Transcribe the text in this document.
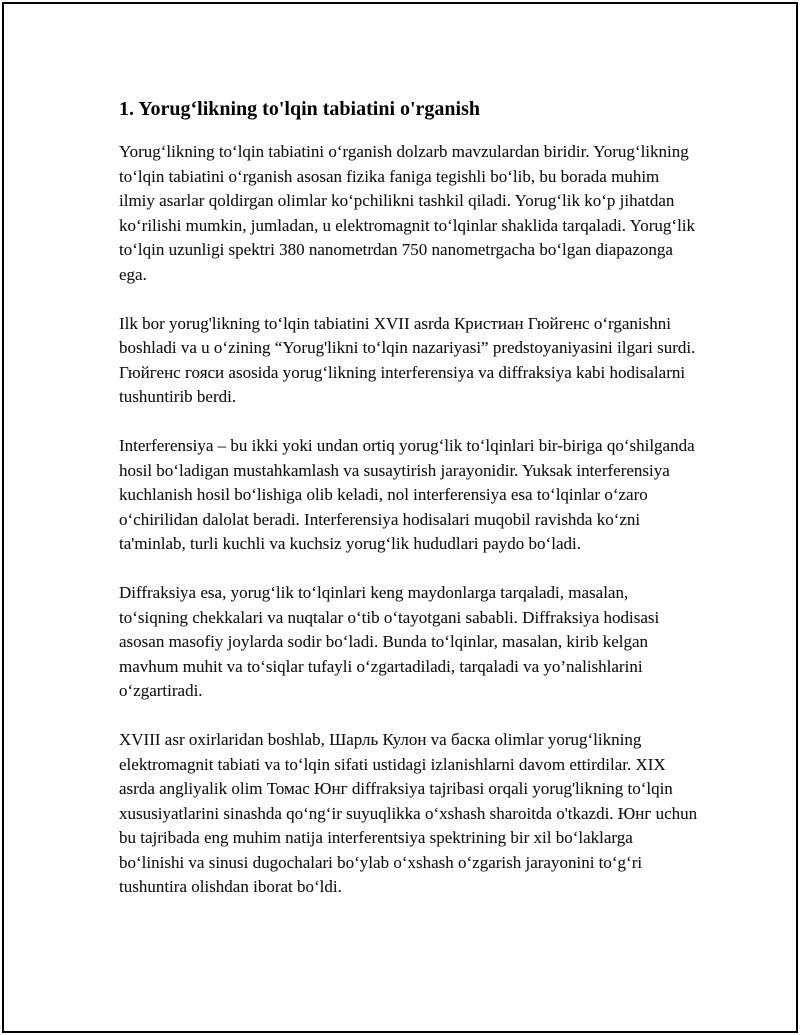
1. Yorug‘likning to'lqin tabiatini o'rganish

Yorug‘likning to‘lqin tabiatini o‘rganish dolzarb mavzulardan biridir. Yorug‘likning to‘lqin tabiatini o‘rganish asosan fizika faniga tegishli bo‘lib, bu borada muhim ilmiy asarlar qoldirgan olimlar ko‘pchilikni tashkil qiladi. Yorug‘lik ko‘p jihatdan ko‘rilishi mumkin, jumladan, u elektromagnit to‘lqinlar shaklida tarqaladi. Yorug‘lik to‘lqin uzunligi spektri 380 nanometrdan 750 nanometrgacha bo‘lgan diapazonga ega.

Ilk bor yorug'likning to‘lqin tabiatini XVII asrda Кристиан Гюйгенс o‘rganishni boshladi va u o‘zining “Yorug'likni to‘lqin nazariyasi” predstoyaniyasini ilgari surdi. Гюйгенс гояси asosida yorug‘likning interferensiya va diffraksiya kabi hodisalarni tushuntirib berdi.

Interferensiya – bu ikki yoki undan ortiq yorug‘lik to‘lqinlari bir-biriga qo‘shilganda hosil bo‘ladigan mustahkamlash va susaytirish jarayonidir. Yuksak interferensiya kuchlanish hosil bo‘lishiga olib keladi, nol interferensiya esa to‘lqinlar o‘zaro o‘chirilidan dalolat beradi. Interferensiya hodisalari muqobil ravishda ko‘zni ta'minlab, turli kuchli va kuchsiz yorug‘lik hududlari paydo bo‘ladi.

Diffraksiya esa, yorug‘lik to‘lqinlari keng maydonlarga tarqaladi, masalan, to‘siqning chekkalari va nuqtalar o‘tib o‘tayotgani sababli. Diffraksiya hodisasi asosan masofiy joylarda sodir bo‘ladi. Bunda to‘lqinlar, masalan, kirib kelgan mavhum muhit va to‘siqlar tufayli o‘zgartadiladi, tarqaladi va yo’nalishlarini o‘zgartiradi.

XVIII asr oxirlaridan boshlab, Шарль Кулон va баска olimlar yorug‘likning elektromagnit tabiati va to‘lqin sifati ustidagi izlanishlarni davom ettirdilar. XIX asrda angliyalik olim Томас Юнг diffraksiya tajribasi orqali yorug'likning to‘lqin xususiyatlarini sinashda qo‘ng‘ir suyuqlikka o‘xshash sharoitda o'tkazdi. Юнг uchun bu tajribada eng muhim natija interferentsiya spektrining bir xil bo‘laklarga bo‘linishi va sinusi dugochalari bo‘ylab o‘xshash o‘zgarish jarayonini to‘g‘ri tushuntira olishdan iborat bo‘ldi.
